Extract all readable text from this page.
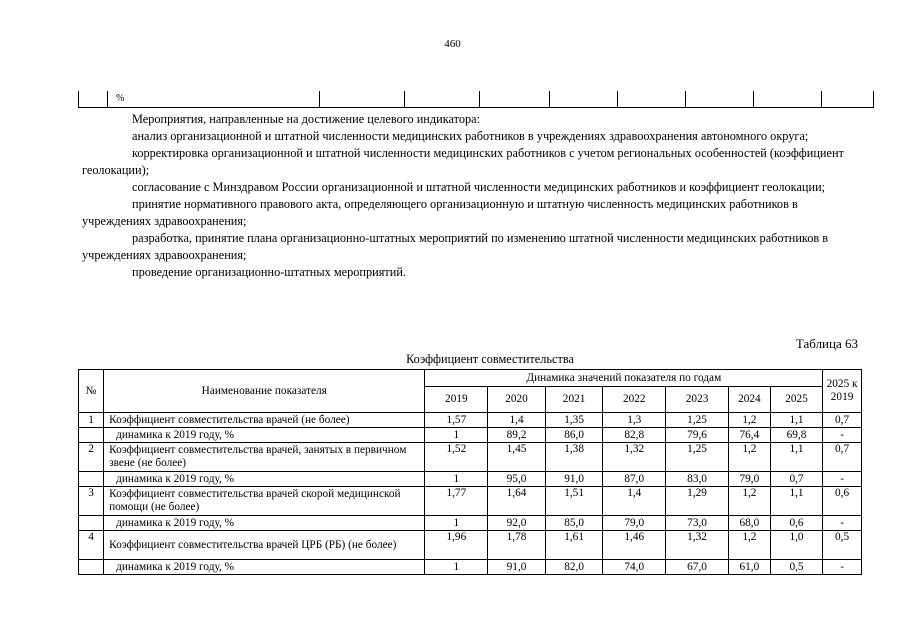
460
%

Мероприятия, направленные на достижение целевого индикатора:

анализ организационной и штатной численности медицинских работников в учреждениях здравоохранения автономного округа;

корректировка организационной и штатной численности медицинских работников с учетом региональных особенностей (коэффициент геолокации);

согласование с Минздравом России организационной и штатной численности медицинских работников и коэффициент геолокации;

принятие нормативного правового акта, определяющего организационную и штатную численность медицинских работников в учреждениях здравоохранения;

разработка, принятие плана организационно-штатных мероприятий по изменению штатной численности медицинских работников в учреждениях здравоохранения;

проведение организационно-штатных мероприятий.

Таблица 63
Коэффициент совместительства
№	Наименование показателя	Динамика значений показателя по годам							2025 к 2019
		2019	2020	2021	2022	2023	2024	2025	
1	Коэффициент совместительства врачей (не более)	1,57	1,4	1,35	1,3	1,25	1,2	1,1	0,7
	динамика к 2019 году, %	1	89,2	86,0	82,8	79,6	76,4	69,8	-
2	Коэффициент совместительства врачей, занятых в первичном звене (не более)	1,52	1,45	1,38	1,32	1,25	1,2	1,1	0,7
	динамика к 2019 году, %	1	95,0	91,0	87,0	83,0	79,0	0,7	-
3	Коэффициент совместительства врачей скорой медицинской помощи (не более)	1,77	1,64	1,51	1,4	1,29	1,2	1,1	0,6
	динамика к 2019 году, %	1	92,0	85,0	79,0	73,0	68,0	0,6	-
4	Коэффициент совместительства врачей ЦРБ (РБ) (не более)	1,96	1,78	1,61	1,46	1,32	1,2	1,0	0,5
	динамика к 2019 году, %	1	91,0	82,0	74,0	67,0	61,0	0,5	-
